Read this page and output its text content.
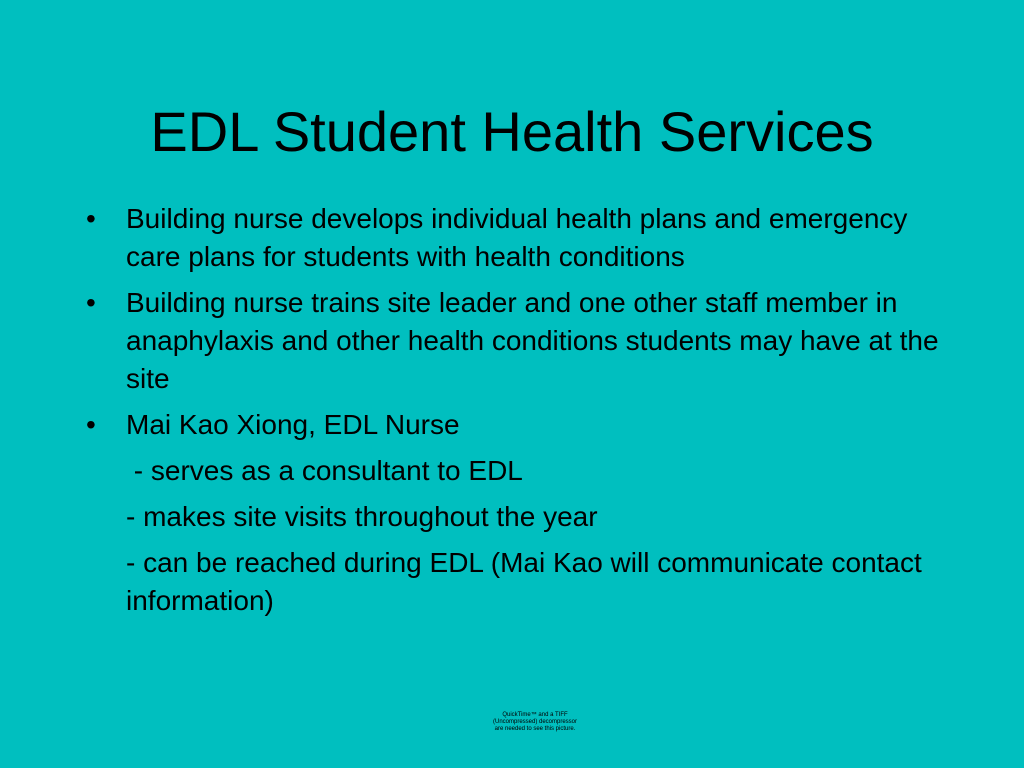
EDL Student Health Services
•	Building nurse develops individual health plans and emergency care plans for students with health conditions
•	Building nurse trains site leader and one other staff member in anaphylaxis and other health conditions students may have at the site
•	Mai Kao Xiong, EDL Nurse
- serves as a consultant to EDL
- makes site visits throughout the year
- can be reached during EDL (Mai Kao will communicate contact  information)
QuickTime™ and a TIFF (Uncompressed) decompressor are needed to see this picture.
